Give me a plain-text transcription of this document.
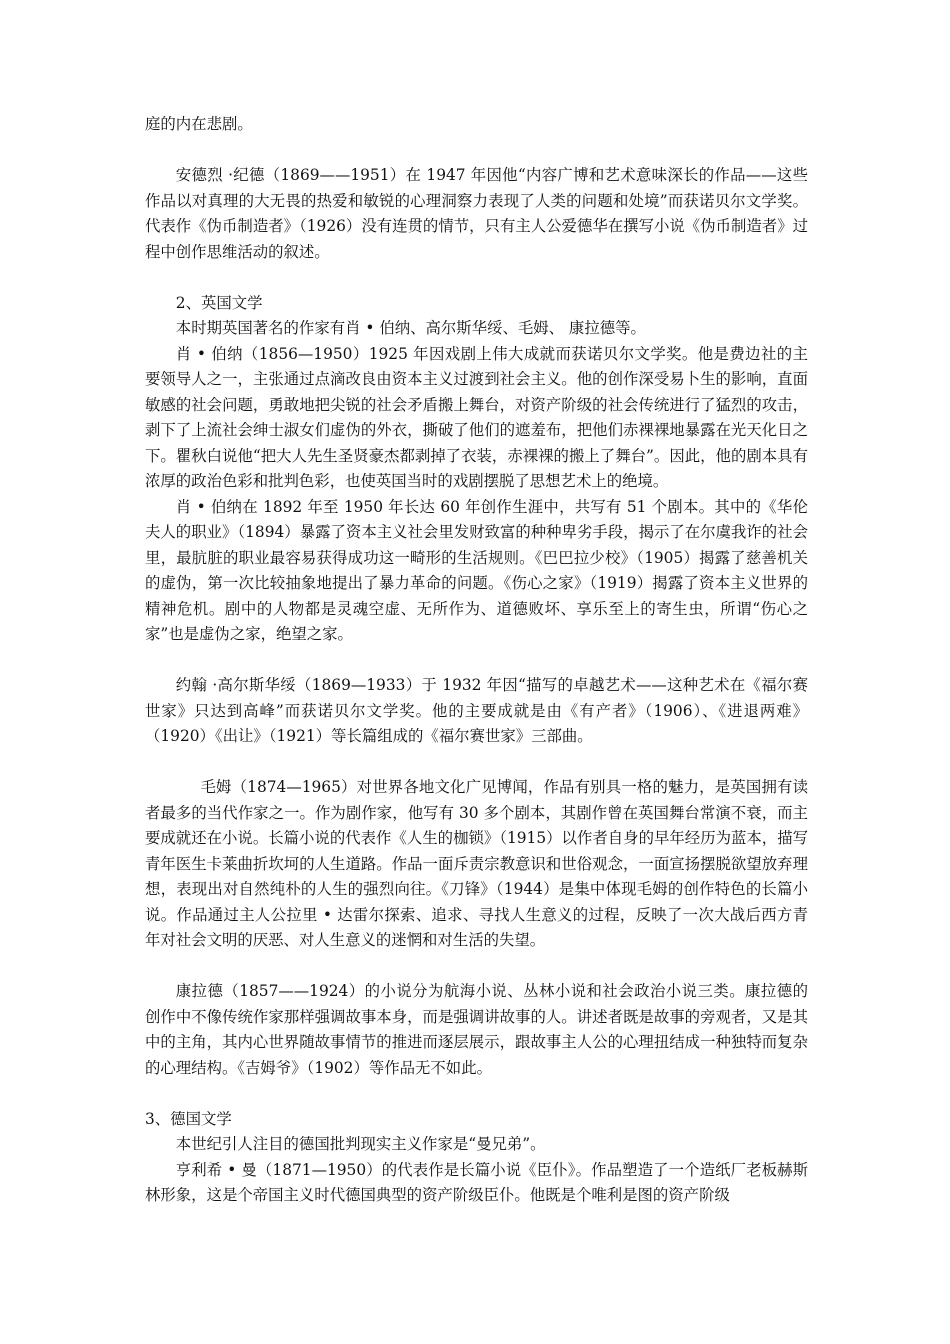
庭的内在悲剧。

安德烈 ·纪德（1869——1951）在 1947 年因他“内容广博和艺术意味深长的作品——这些作品以对真理的大无畏的热爱和敏锐的心理洞察力表现了人类的问题和处境”而获诺贝尔文学奖。代表作《伪币制造者》（1926）没有连贯的情节，只有主人公爱德华在撰写小说《伪币制造者》过程中创作思维活动的叙述。

2、英国文学

本时期英国著名的作家有肖 • 伯纳、高尔斯华绥、毛姆、 康拉德等。

肖 • 伯纳（1856—1950）1925 年因戏剧上伟大成就而获诺贝尔文学奖。他是费边社的主要领导人之一，主张通过点滴改良由资本主义过渡到社会主义。他的创作深受易卜生的影响，直面敏感的社会问题，勇敢地把尖锐的社会矛盾搬上舞台，对资产阶级的社会传统进行了猛烈的攻击，剥下了上流社会绅士淑女们虚伪的外衣，撕破了他们的遮羞布，把他们赤裸裸地暴露在光天化日之下。瞿秋白说他“把大人先生圣贤豪杰都剥掉了衣装，赤裸裸的搬上了舞台”。因此，他的剧本具有浓厚的政治色彩和批判色彩，也使英国当时的戏剧摆脱了思想艺术上的绝境。

肖 • 伯纳在 1892 年至 1950 年长达 60 年创作生涯中，共写有 51 个剧本。其中的《华伦夫人的职业》（1894）暴露了资本主义社会里发财致富的种种卑劣手段，揭示了在尔虞我诈的社会里，最肮脏的职业最容易获得成功这一畸形的生活规则。《巴巴拉少校》（1905）揭露了慈善机关的虚伪，第一次比较抽象地提出了暴力革命的问题。《伤心之家》（1919）揭露了资本主义世界的精神危机。剧中的人物都是灵魂空虚、无所作为、道德败坏、享乐至上的寄生虫，所谓“伤心之家”也是虚伪之家，绝望之家。

约翰 ·高尔斯华绥（1869—1933）于 1932 年因“描写的卓越艺术——这种艺术在《福尔赛世家》只达到高峰”而获诺贝尔文学奖。他的主要成就是由《有产者》（1906）、《进退两难》（1920）《出让》（1921）等长篇组成的《福尔赛世家》三部曲。

毛姆（1874—1965）对世界各地文化广见博闻，作品有别具一格的魅力，是英国拥有读者最多的当代作家之一。作为剧作家，他写有 30 多个剧本，其剧作曾在英国舞台常演不衰，而主要成就还在小说。长篇小说的代表作《人生的枷锁》（1915）以作者自身的早年经历为蓝本，描写青年医生卡莱曲折坎坷的人生道路。作品一面斥责宗教意识和世俗观念，一面宣扬摆脱欲望放弃理想，表现出对自然纯朴的人生的强烈向往。《刀锋》（1944）是集中体现毛姆的创作特色的长篇小说。作品通过主人公拉里 • 达雷尔探索、追求、寻找人生意义的过程，反映了一次大战后西方青年对社会文明的厌恶、对人生意义的迷惘和对生活的失望。

康拉德（1857——1924）的小说分为航海小说、丛林小说和社会政治小说三类。康拉德的创作中不像传统作家那样强调故事本身，而是强调讲故事的人。讲述者既是故事的旁观者，又是其中的主角，其内心世界随故事情节的推进而逐层展示，跟故事主人公的心理扭结成一种独特而复杂的心理结构。《吉姆爷》（1902）等作品无不如此。

3、德国文学

本世纪引人注目的德国批判现实主义作家是“曼兄弟”。

亨利希 • 曼（1871—1950）的代表作是长篇小说《臣仆》。作品塑造了一个造纸厂老板赫斯林形象，这是个帝国主义时代德国典型的资产阶级臣仆。他既是个唯利是图的资产阶级
